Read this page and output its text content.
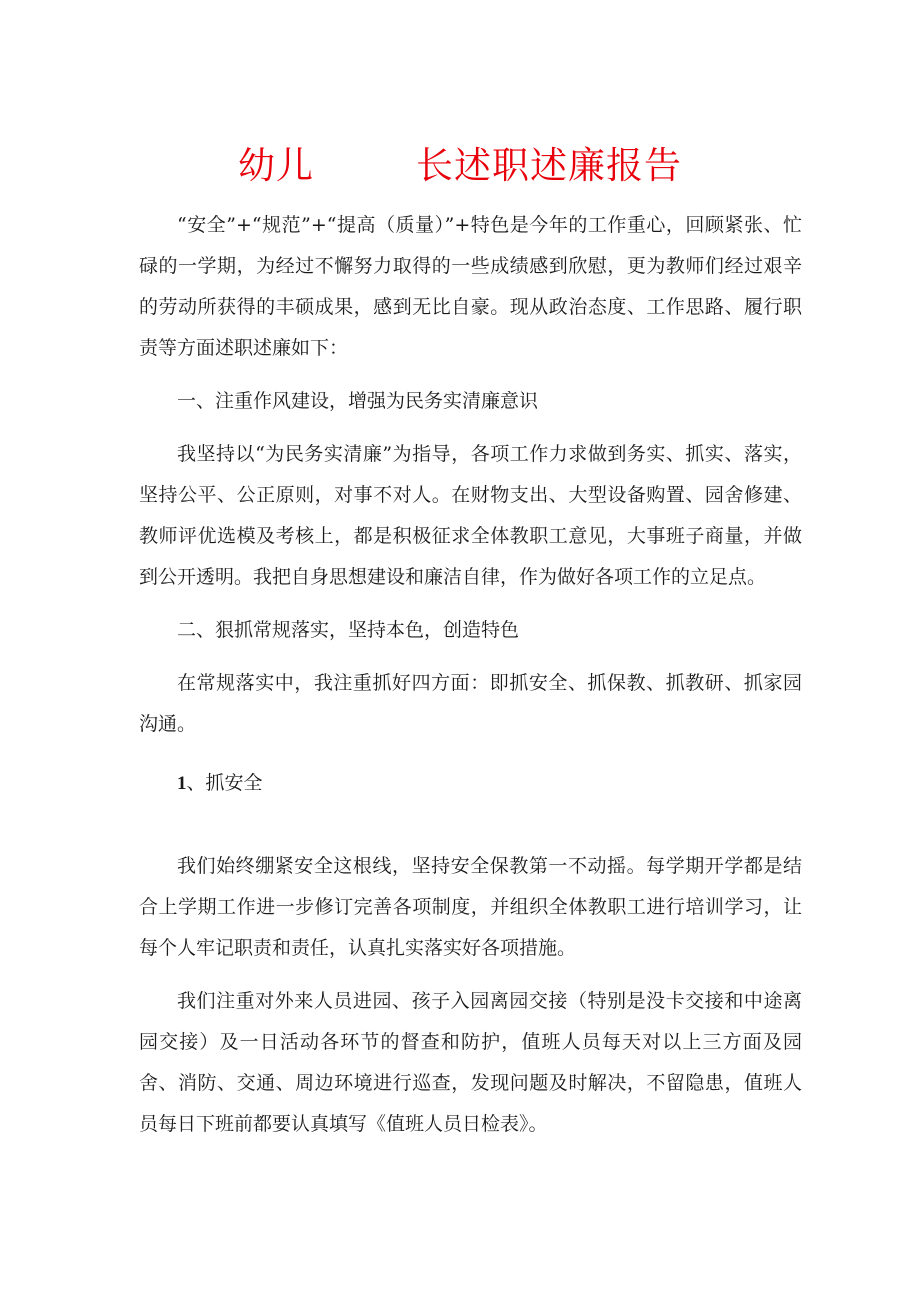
幼儿        长述职述廉报告

“安全”+“规范”+“提高（质量）”+特色是今年的工作重心，回顾紧张、忙碌的一学期，为经过不懈努力取得的一些成绩感到欣慰，更为教师们经过艰辛的劳动所获得的丰硕成果，感到无比自豪。现从政治态度、工作思路、履行职责等方面述职述廉如下：

一、注重作风建设，增强为民务实清廉意识

我坚持以“为民务实清廉”为指导，各项工作力求做到务实、抓实、落实，坚持公平、公正原则，对事不对人。在财物支出、大型设备购置、园舍修建、教师评优选模及考核上，都是积极征求全体教职工意见，大事班子商量，并做到公开透明。我把自身思想建设和廉洁自律，作为做好各项工作的立足点。

二、狠抓常规落实，坚持本色，创造特色

在常规落实中，我注重抓好四方面：即抓安全、抓保教、抓教研、抓家园沟通。

1、抓安全

我们始终绷紧安全这根线，坚持安全保教第一不动摇。每学期开学都是结合上学期工作进一步修订完善各项制度，并组织全体教职工进行培训学习，让每个人牢记职责和责任，认真扎实落实好各项措施。

我们注重对外来人员进园、孩子入园离园交接（特别是没卡交接和中途离园交接）及一日活动各环节的督查和防护，值班人员每天对以上三方面及园舍、消防、交通、周边环境进行巡查，发现问题及时解决，不留隐患，值班人员每日下班前都要认真填写《值班人员日检表》。
